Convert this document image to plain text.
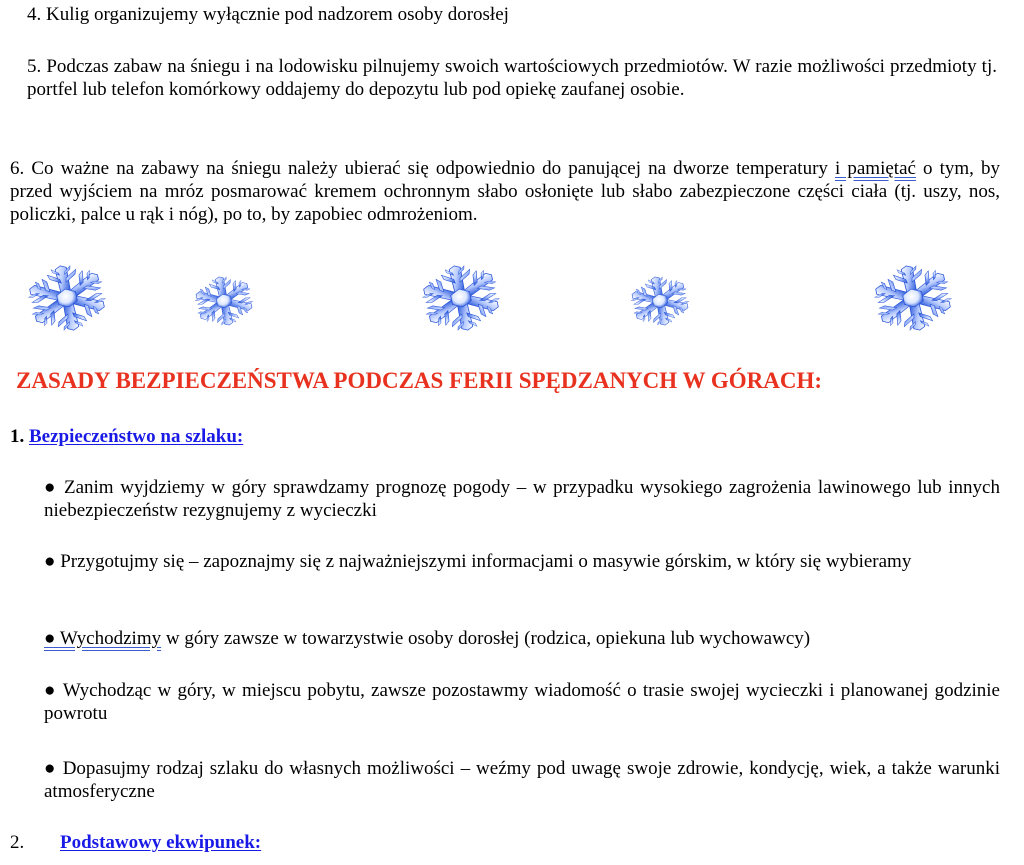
4. Kulig organizujemy wyłącznie pod nadzorem osoby dorosłej

5. Podczas zabaw na śniegu i na lodowisku pilnujemy swoich wartościowych przedmiotów. W razie możliwości przedmioty tj. portfel lub telefon komórkowy oddajemy do depozytu lub pod opiekę zaufanej osobie.

6. Co ważne na zabawy na śniegu należy ubierać się odpowiednio do panującej na dworze temperatury i pamiętać o tym, by przed wyjściem na mróz posmarować kremem ochronnym słabo osłonięte lub słabo zabezpieczone części ciała (tj. uszy, nos, policzki, palce u rąk i nóg), po to, by zapobiec odmrożeniom.

ZASADY BEZPIECZEŃSTWA PODCZAS FERII SPĘDZANYCH W GÓRACH:

1. Bezpieczeństwo na szlaku:

● Zanim wyjdziemy w góry sprawdzamy prognozę pogody – w przypadku wysokiego zagrożenia lawinowego lub innych niebezpieczeństw rezygnujemy z wycieczki

● Przygotujmy się – zapoznajmy się z najważniejszymi informacjami o masywie górskim, w który się wybieramy

● Wychodzimy w góry zawsze w towarzystwie osoby dorosłej (rodzica, opiekuna lub wychowawcy)

● Wychodząc w góry, w miejscu pobytu, zawsze pozostawmy wiadomość o trasie swojej wycieczki i planowanej godzinie powrotu

● Dopasujmy rodzaj szlaku do własnych możliwości – weźmy pod uwagę swoje zdrowie, kondycję, wiek, a także warunki atmosferyczne

2. Podstawowy ekwipunek:
